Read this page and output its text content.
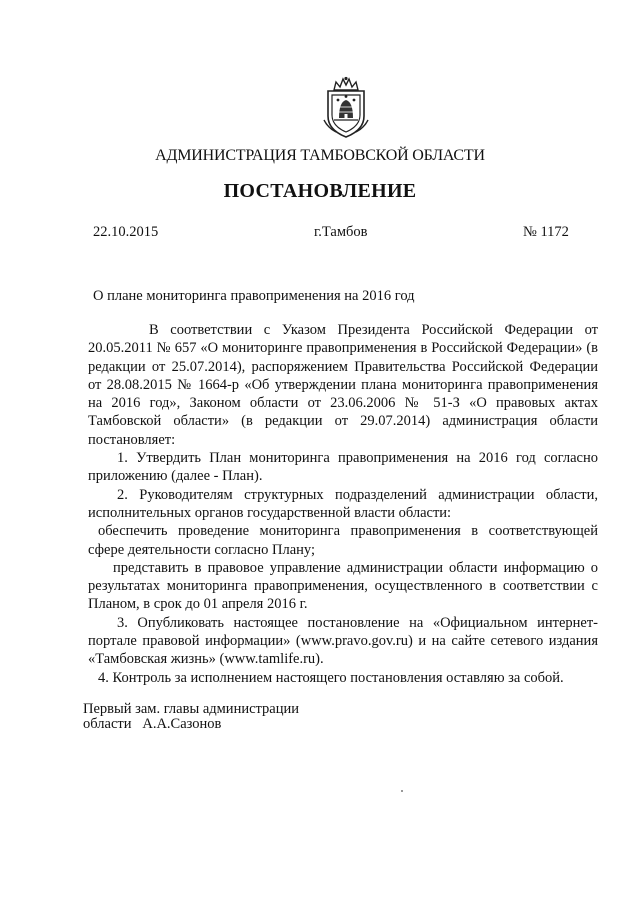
АДМИНИСТРАЦИЯ ТАМБОВСКОЙ ОБЛАСТИ
ПОСТАНОВЛЕНИЕ
22.10.2015	г.Тамбов	№ 1172
О плане мониторинга правоприменения на 2016 год

В соответствии с Указом Президента Российской Федерации от 20.05.2011 № 657 «О мониторинге правоприменения в Российской Федерации» (в редакции от 25.07.2014), распоряжением Правительства Российской Федерации от 28.08.2015 № 1664-р «Об утверждении плана мониторинга правоприменения на 2016 год», Законом области от 23.06.2006 № 51-З «О правовых актах Тамбовской области» (в редакции от 29.07.2014) администрация области постановляет:

1. Утвердить План мониторинга правоприменения на 2016 год согласно приложению (далее - План).

2. Руководителям структурных подразделений администрации области, исполнительных органов государственной власти области:

обеспечить проведение мониторинга правоприменения в соответствующей сфере деятельности согласно Плану;

представить в правовое управление администрации области информацию о результатах мониторинга правоприменения, осуществленного в соответствии с Планом, в срок до 01 апреля 2016 г.

3. Опубликовать настоящее постановление на «Официальном интернет-портале правовой информации» (www.pravo.gov.ru) и на сайте сетевого издания «Тамбовская жизнь» (www.tamlife.ru).

4. Контроль за исполнением настоящего постановления оставляю за собой.

Первый зам. главы администрации
области А.А.Сазонов
